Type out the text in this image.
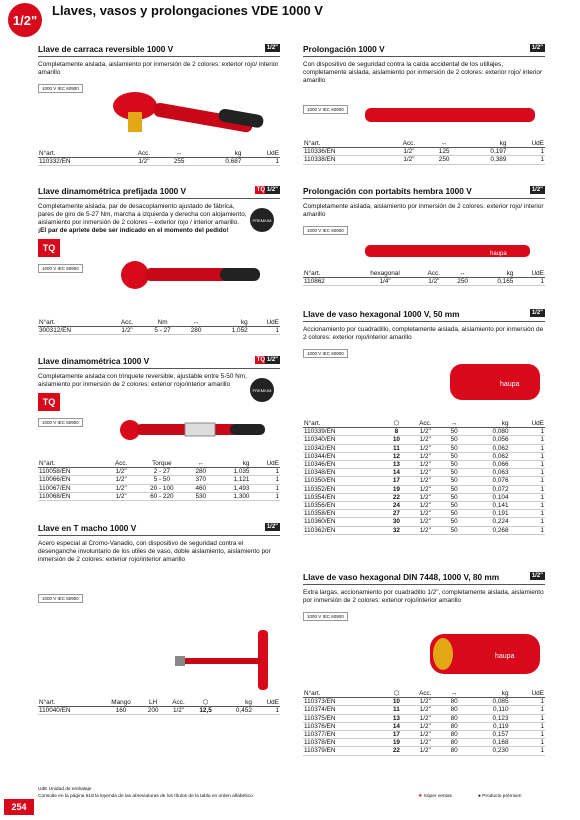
1/2"
Llaves, vasos y prolongaciones VDE 1000 V
Llave de carraca reversible 1000 V	1/2"
Completamente aislada, aislamiento por inmersión de 2 colores: exterior rojo/ interior amarillo
1000 V IEC 60900
N°art.	Acc.	↔	kg	UdE
110332/EN	1/2"	255	0,687	1
Llave dinamométrica prefijada 1000 V	TQ 1/2"
Completamente aislada, par de desacoplamiento ajustado de fábrica, pares de giro de 5-27 Nm, marcha a izquierda y derecha con alojamiento, aislamiento por inmersión de 2 colores – exterior rojo / interior amarillo. ¡El par de apriete debe ser indicado en el momento del pedido!
TQ
1000 V IEC 60900
PREMIUM
N°art.	Acc.	Nm	↔	kg	UdE
300312/EN	1/2"	5 - 27	280	1,052	1
Llave dinamométrica 1000 V	TQ 1/2"
Completamente aislada con trinquete reversible, ajustable entre 5-50 Nm, aislamiento por inmersión de 2 colores: exterior rojo/interior amarillo
TQ
1000 V IEC 60900
PREMIUM
N°art.	Acc.	Torque	↔	kg	UdE
110058/EN	1/2"	2 - 27	280	1,035	1
110066/EN	1/2"	5 - 50	370	1,121	1
110067/EN	1/2"	20 - 100	460	1,493	1
110068/EN	1/2"	60 - 220	530	1,300	1
Llave en T macho 1000 V	1/2"
Acero especial al Cromo-Vanadio, con dispositivo de seguridad contra el desenganche involuntario de los utiles de vaso, doble aislamiento, aislamiento por inmersión de 2 colores: exterior rojo/interior amarillo
1000 V IEC 60900
N°art.	Mango	LH	Acc.	⬡	kg	UdE
110040/EN	160	200	1/2"	12,5	0,452	1
Prolongación 1000 V	1/2"
Con dispositivo de seguridad contra la caída accidental de los utillajes, completamente aislada, aislamiento por inmersión de 2 colores: exterior rojo/ interior amarillo
1000 V IEC 60900
N°art.	Acc.	↔	kg	UdE
110336/EN	1/2"	125	0,197	1
110338/EN	1/2"	250	0,389	1
Prolongación con portabits hembra 1000 V	1/2"
Completamente aislada, aislamiento por inmersión de 2 colores: exterior rojo/ interior amarillo
1000 V IEC 60900
haupa
N°art.	hexagonal	Acc.	↔	kg	UdE
110862	1/4"	1/2"	250	0,165	1
Llave de vaso hexagonal 1000 V, 50 mm	1/2"
Accionamiento por cuadradillo, completamente aislada, aislamiento por inmersión de 2 colores: exterior rojo/interior amarillo
1000 V IEC 60900
haupa
N°art.	⬡	Acc.	↔	kg	UdE
110339/EN	8	1/2"	50	0,080	1
110340/EN	10	1/2"	50	0,056	1
110342/EN	11	1/2"	50	0,062	1
110344/EN	12	1/2"	50	0,062	1
110346/EN	13	1/2"	50	0,066	1
110348/EN	14	1/2"	50	0,063	1
110350/EN	17	1/2"	50	0,076	1
110352/EN	19	1/2"	50	0,072	1
110354/EN	22	1/2"	50	0,104	1
110356/EN	24	1/2"	50	0,141	1
110358/EN	27	1/2"	50	0,191	1
110360/EN	30	1/2"	50	0,224	1
110362/EN	32	1/2"	50	0,268	1
Llave de vaso hexagonal DIN 7448, 1000 V, 80 mm	1/2"
Extra largas, accionamiento por cuadradillo 1/2", completamente aislada, aislamiento por inmersión de 2 colores: exterior rojo/interior amarillo
1000 V IEC 60900
haupa
N°art.	⬡	Acc.	↔	kg	UdE
110373/EN	10	1/2"	80	0,085	1
110374/EN	11	1/2"	80	0,110	1
110375/EN	13	1/2"	80	0,123	1
110376/EN	14	1/2"	80	0,119	1
110377/EN	17	1/2"	80	0,157	1
110378/EN	19	1/2"	80	0,168	1
110379/EN	22	1/2"	80	0,230	1
UdE Unidad de embalaje
Consulte en la página 618 la leyenda de las abreviaturas de los títulos de la tabla en orden alfabético.	★ Súper ventas	● Producto prémium
254
